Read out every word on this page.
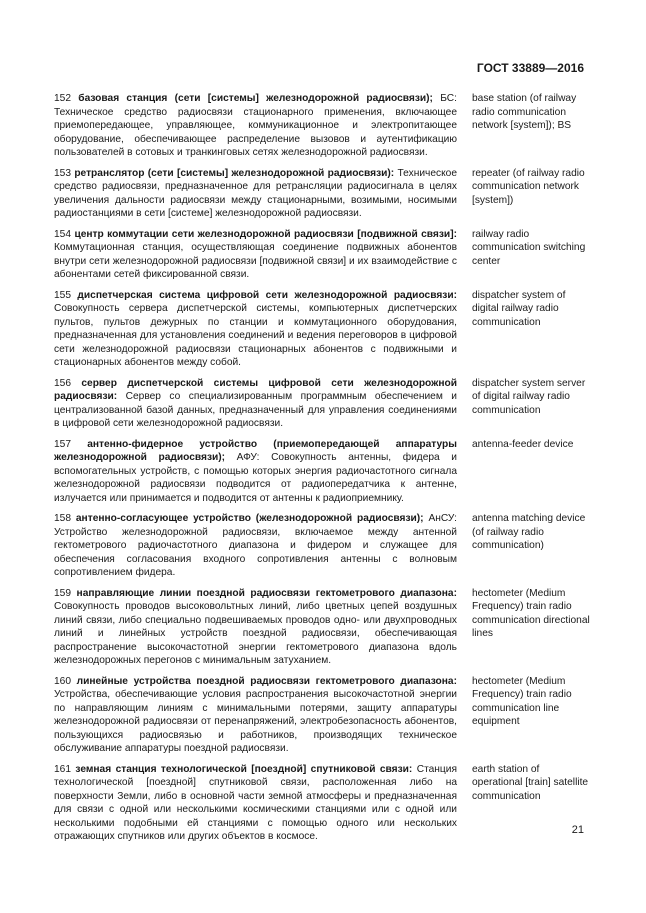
ГОСТ 33889—2016
152 базовая станция (сети [системы] железнодорожной радиосвязи); БС: Техническое средство радиосвязи стационарного применения, включающее приемопередающее, управляющее, коммуникационное и электропитающее оборудование, обеспечивающее распределение вызовов и аутентификацию пользователей в сотовых и транкинговых сетях железнодорожной радиосвязи.
base station (of railway radio communication network [system]); BS
153 ретранслятор (сети [системы] железнодорожной радиосвязи): Техническое средство радиосвязи, предназначенное для ретрансляции радиосигнала в целях увеличения дальности радиосвязи между стационарными, возимыми, носимыми радиостанциями в сети [системе] железнодорожной радиосвязи.
repeater (of railway radio communication network [system])
154 центр коммутации сети железнодорожной радиосвязи [подвижной связи]: Коммутационная станция, осуществляющая соединение подвижных абонентов внутри сети железнодорожной радиосвязи [подвижной связи] и их взаимодействие с абонентами сетей фиксированной связи.
railway radio communication switching center
155 диспетчерская система цифровой сети железнодорожной радиосвязи: Совокупность сервера диспетчерской системы, компьютерных диспетчерских пультов, пультов дежурных по станции и коммутационного оборудования, предназначенная для установления соединений и ведения переговоров в цифровой сети железнодорожной радиосвязи стационарных абонентов с подвижными и стационарных абонентов между собой.
dispatcher system of digital railway radio communication
156 сервер диспетчерской системы цифровой сети железнодорожной радиосвязи: Сервер со специализированным программным обеспечением и централизованной базой данных, предназначенный для управления соединениями в цифровой сети железнодорожной радиосвязи.
dispatcher system server of digital railway radio communication
157 антенно-фидерное устройство (приемопередающей аппаратуры железнодорожной радиосвязи); АФУ: Совокупность антенны, фидера и вспомогательных устройств, с помощью которых энергия радиочастотного сигнала железнодорожной радиосвязи подводится от радиопередатчика к антенне, излучается или принимается и подводится от антенны к радиоприемнику.
antenna-feeder device
158 антенно-согласующее устройство (железнодорожной радиосвязи); АнСУ: Устройство железнодорожной радиосвязи, включаемое между антенной гектометрового радиочастотного диапазона и фидером и служащее для обеспечения согласования входного сопротивления антенны с волновым сопротивлением фидера.
antenna matching device (of railway radio communication)
159 направляющие линии поездной радиосвязи гектометрового диапазона: Совокупность проводов высоковольтных линий, либо цветных цепей воздушных линий связи, либо специально подвешиваемых проводов одно- или двухпроводных линий и линейных устройств поездной радиосвязи, обеспечивающая распространение высокочастотной энергии гектометрового диапазона вдоль железнодорожных перегонов с минимальным затуханием.
hectometer (Medium Frequency) train radio communication directional lines
160 линейные устройства поездной радиосвязи гектометрового диапазона: Устройства, обеспечивающие условия распространения высокочастотной энергии по направляющим линиям с минимальными потерями, защиту аппаратуры железнодорожной радиосвязи от перенапряжений, электробезопасность абонентов, пользующихся радиосвязью и работников, производящих техническое обслуживание аппаратуры поездной радиосвязи.
hectometer (Medium Frequency) train radio communication line equipment
161 земная станция технологической [поездной] спутниковой связи: Станция технологической [поездной] спутниковой связи, расположенная либо на поверхности Земли, либо в основной части земной атмосферы и предназначенная для связи с одной или несколькими космическими станциями или с одной или несколькими подобными ей станциями с помощью одного или нескольких отражающих спутников или других объектов в космосе.
earth station of operational [train] satellite communication
21
